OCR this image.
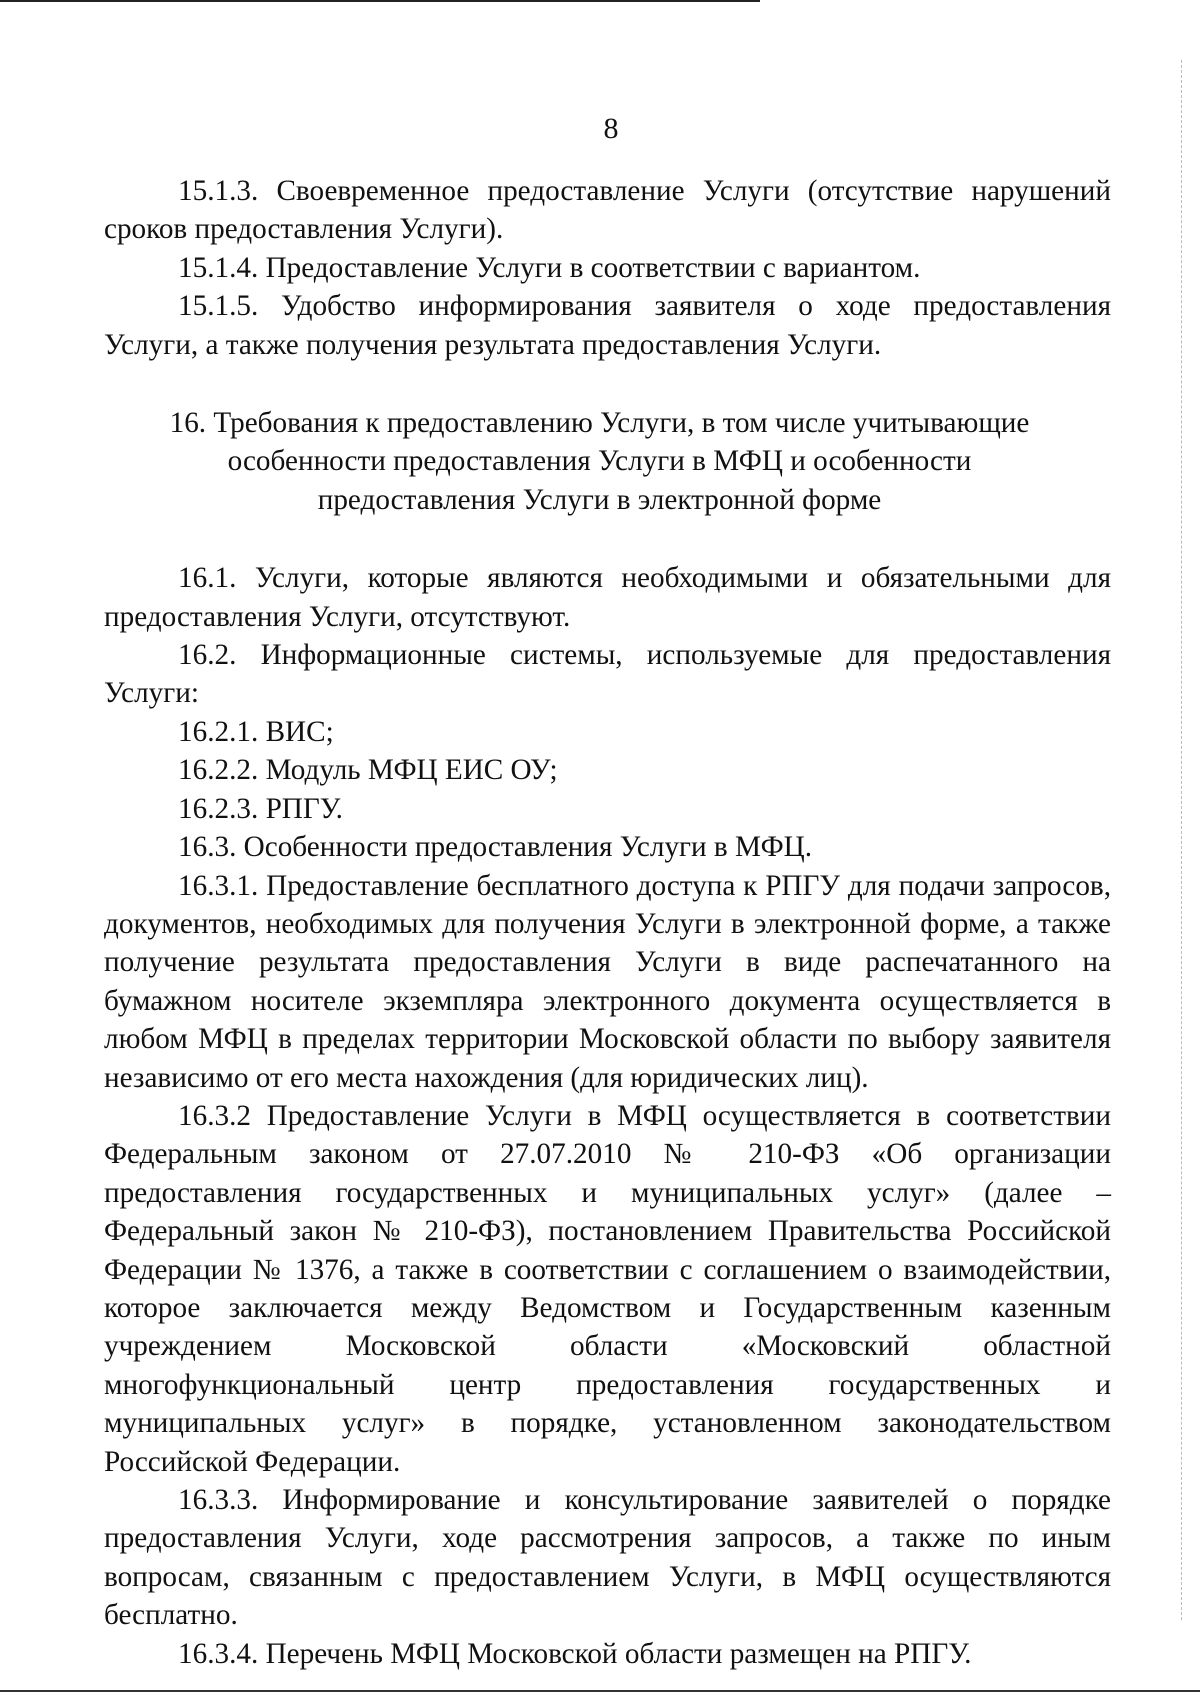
8

15.1.3. Своевременное предоставление Услуги (отсутствие нарушений сроков предоставления Услуги).

15.1.4. Предоставление Услуги в соответствии с вариантом.

15.1.5. Удобство информирования заявителя о ходе предоставления Услуги, а также получения результата предоставления Услуги.

16. Требования к предоставлению Услуги, в том числе учитывающие особенности предоставления Услуги в МФЦ и особенности предоставления Услуги в электронной форме

16.1. Услуги, которые являются необходимыми и обязательными для предоставления Услуги, отсутствуют.

16.2. Информационные системы, используемые для предоставления Услуги:

16.2.1. ВИС;

16.2.2. Модуль МФЦ ЕИС ОУ;

16.2.3. РПГУ.

16.3. Особенности предоставления Услуги в МФЦ.

16.3.1. Предоставление бесплатного доступа к РПГУ для подачи запросов, документов, необходимых для получения Услуги в электронной форме, а также получение результата предоставления Услуги в виде распечатанного на бумажном носителе экземпляра электронного документа осуществляется в любом МФЦ в пределах территории Московской области по выбору заявителя независимо от его места нахождения (для юридических лиц).

16.3.2 Предоставление Услуги в МФЦ осуществляется в соответствии Федеральным законом от 27.07.2010 № 210-ФЗ «Об организации предоставления государственных и муниципальных услуг» (далее – Федеральный закон № 210-ФЗ), постановлением Правительства Российской Федерации № 1376, а также в соответствии с соглашением о взаимодействии, которое заключается между Ведомством и Государственным казенным учреждением Московской области «Московский областной многофункциональный центр предоставления государственных и муниципальных услуг» в порядке, установленном законодательством Российской Федерации.

16.3.3. Информирование и консультирование заявителей о порядке предоставления Услуги, ходе рассмотрения запросов, а также по иным вопросам, связанным с предоставлением Услуги, в МФЦ осуществляются бесплатно.

16.3.4. Перечень МФЦ Московской области размещен на РПГУ.
